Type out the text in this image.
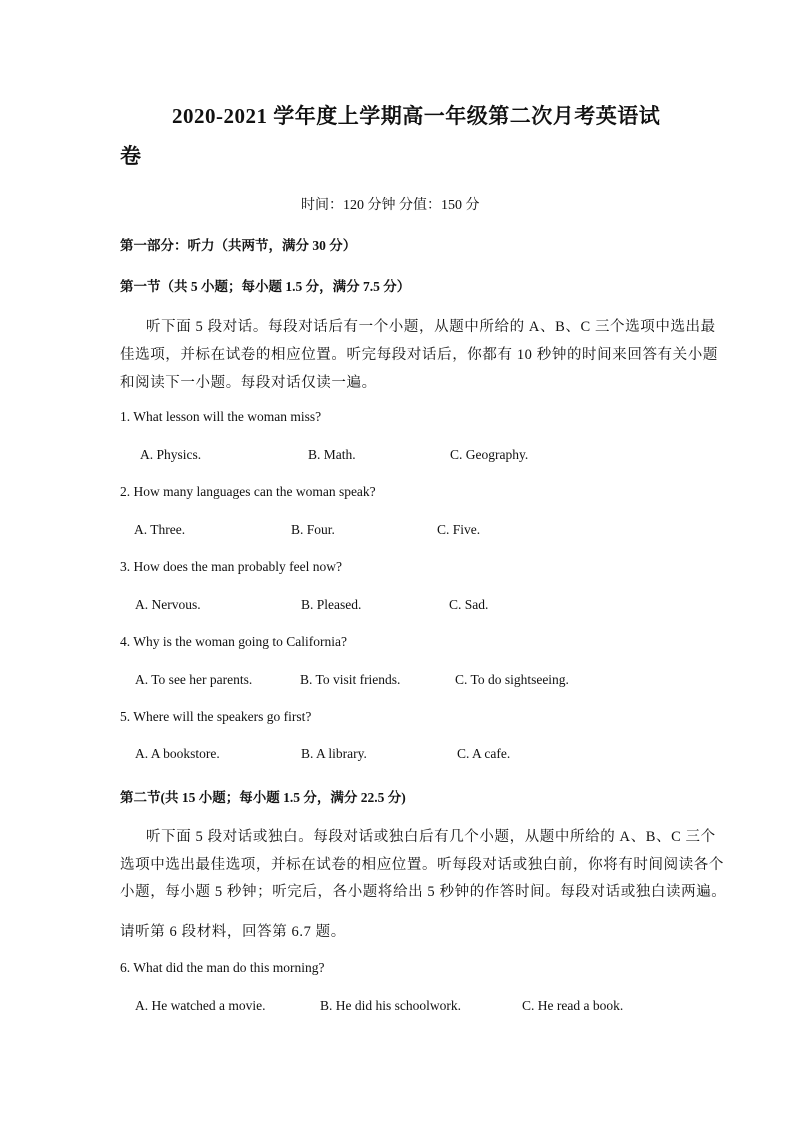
2020-2021 学年度上学期高一年级第二次月考英语试
卷
时间：120 分钟 分值：150 分
第一部分：听力（共两节，满分 30 分）
第一节（共 5 小题；每小题 1.5 分，满分 7.5 分）
听下面 5 段对话。每段对话后有一个小题，从题中所给的 A、B、C 三个选项中选出最
佳选项，并标在试卷的相应位置。听完每段对话后，你都有 10 秒钟的时间来回答有关小题
和阅读下一小题。每段对话仅读一遍。
1. What lesson will the woman miss?
A. Physics.	B. Math.	C. Geography.
2. How many languages can the woman speak?
A. Three.	B. Four.	C. Five.
3. How does the man probably feel now?
A. Nervous.	B. Pleased.	C. Sad.
4. Why is the woman going to California?
A. To see her parents.	B. To visit friends.	C. To do sightseeing.
5. Where will the speakers go first?
A. A bookstore.	B. A library.	C. A cafe.
第二节(共 15 小题；每小题 1.5 分，满分 22.5 分)
听下面 5 段对话或独白。每段对话或独白后有几个小题，从题中所给的 A、B、C 三个
选项中选出最佳选项，并标在试卷的相应位置。听每段对话或独白前，你将有时间阅读各个
小题，每小题 5 秒钟；听完后，各小题将给出 5 秒钟的作答时间。每段对话或独白读两遍。
请听第 6 段材料，回答第 6.7 题。
6. What did the man do this morning?
A. He watched a movie.	B. He did his schoolwork.	C. He read a book.
